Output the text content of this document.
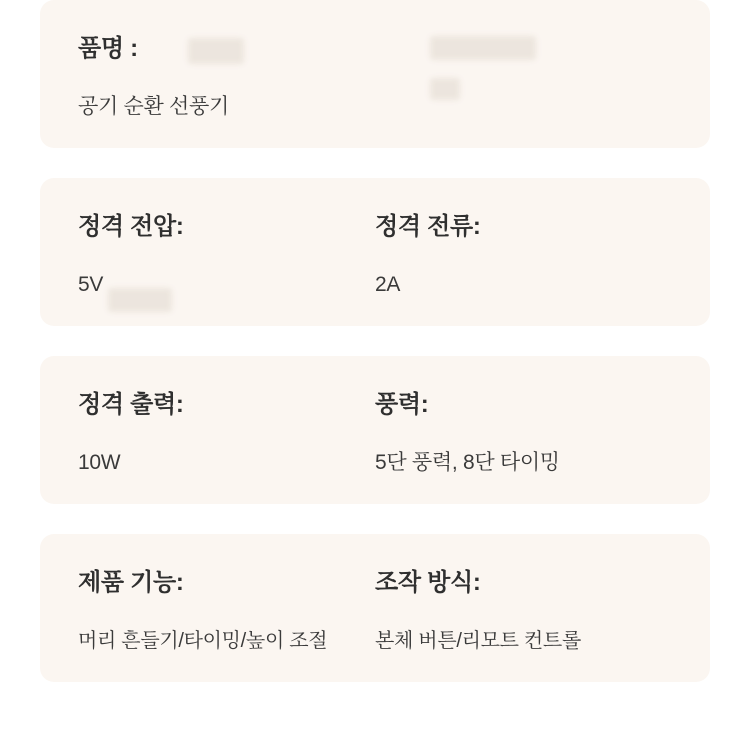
품명 :
공기 순환 선풍기
정격 전압:
5V
정격 전류:
2A
정격 출력:
10W
풍력:
5단 풍력, 8단 타이밍
제품 기능:
머리 흔들기/타이밍/높이 조절
조작 방식:
본체 버튼/리모트 컨트롤
